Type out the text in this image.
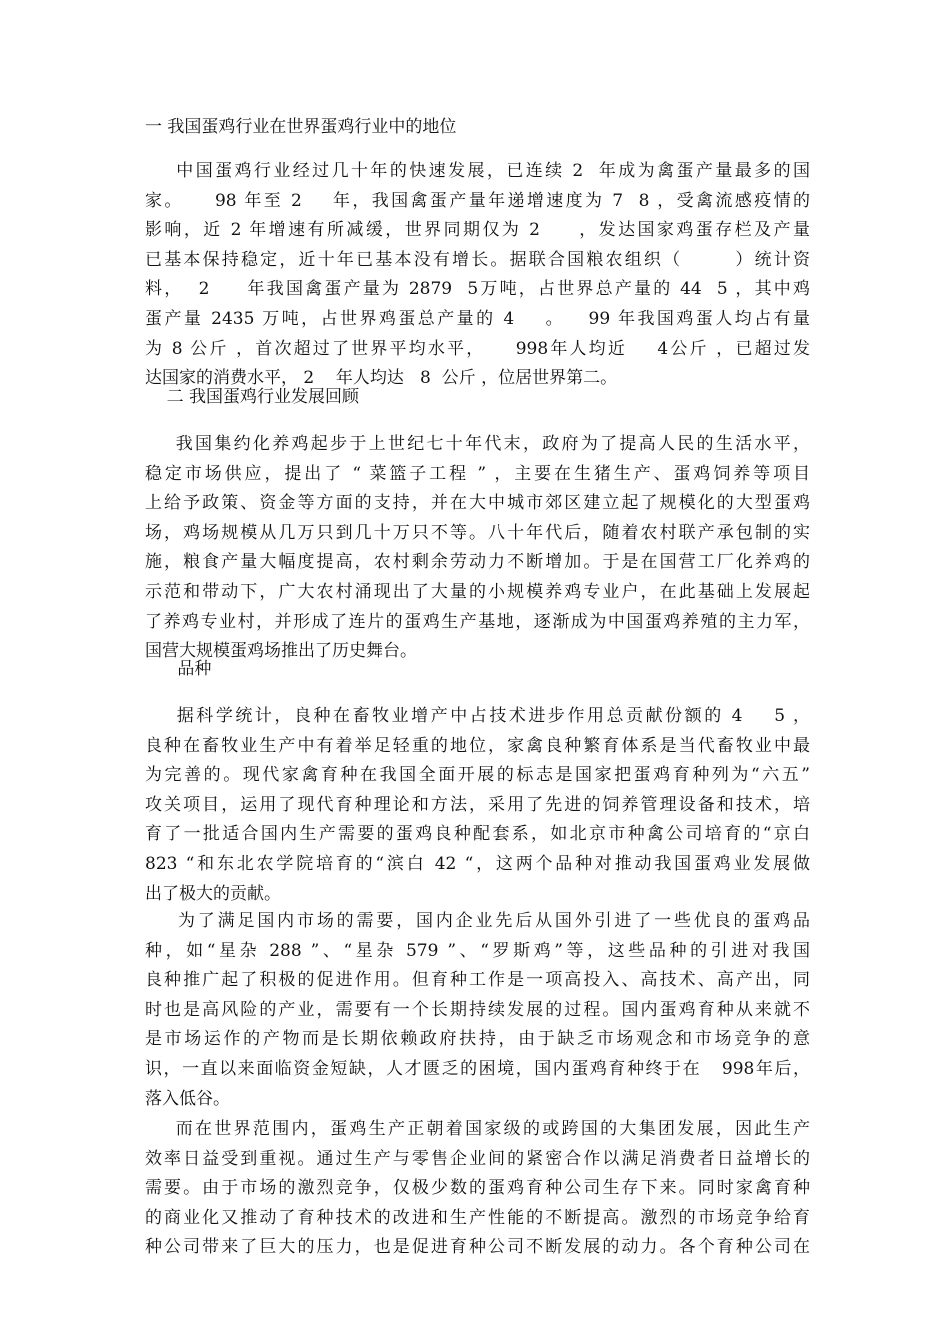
一 我国蛋鸡行业在世界蛋鸡行业中的地位
中国蛋鸡行业经过几十年的快速发展，已连续 2  年成为禽蛋产量最多的国
家。    98 年至 2    年，我国禽蛋产量年递增速度为 7  8 ，受禽流感疫情的
影响，近 2 年增速有所减缓，世界同期仅为 2     ，发达国家鸡蛋存栏及产量
已基本保持稳定，近十年已基本没有增长。据联合国粮农组织（       ）统计资
料，  2     年我国禽蛋产量为 2879  5万吨，占世界总产量的 44  5 ，其中鸡
蛋产量 2435 万吨，占世界鸡蛋总产量的 4    。   99 年我国鸡蛋人均占有量
为 8 公斤 ，首次超过了世界平均水平，    998年人均近    4公斤 ，已超过发
达国家的消费水平， 2    年人均达   8  公斤 ，位居世界第二。
二 我国蛋鸡行业发展回顾
我国集约化养鸡起步于上世纪七十年代末，政府为了提高人民的生活水平，
稳定市场供应，提出了 “ 菜篮子工程 ” ，主要在生猪生产、蛋鸡饲养等项目
上给予政策、资金等方面的支持，并在大中城市郊区建立起了规模化的大型蛋鸡
场，鸡场规模从几万只到几十万只不等。八十年代后，随着农村联产承包制的实
施，粮食产量大幅度提高，农村剩余劳动力不断增加。于是在国营工厂化养鸡的
示范和带动下，广大农村涌现出了大量的小规模养鸡专业户，在此基础上发展起
了养鸡专业村，并形成了连片的蛋鸡生产基地，逐渐成为中国蛋鸡养殖的主力军，
国营大规模蛋鸡场推出了历史舞台。
品种
据科学统计，良种在畜牧业增产中占技术进步作用总贡献份额的 4    5 ，
良种在畜牧业生产中有着举足轻重的地位，家禽良种繁育体系是当代畜牧业中最
为完善的。现代家禽育种在我国全面开展的标志是国家把蛋鸡育种列为“六五”
攻关项目，运用了现代育种理论和方法，采用了先进的饲养管理设备和技术，培
育了一批适合国内生产需要的蛋鸡良种配套系，如北京市种禽公司培育的“京白
823 “和东北农学院培育的“滨白 42 “，这两个品种对推动我国蛋鸡业发展做
出了极大的贡献。
为了满足国内市场的需要，国内企业先后从国外引进了一些优良的蛋鸡品
种，如“星杂 288 ”、“星杂 579 ”、“罗斯鸡”等，这些品种的引进对我国
良种推广起了积极的促进作用。但育种工作是一项高投入、高技术、高产出，同
时也是高风险的产业，需要有一个长期持续发展的过程。国内蛋鸡育种从来就不
是市场运作的产物而是长期依赖政府扶持，由于缺乏市场观念和市场竞争的意
识，一直以来面临资金短缺，人才匮乏的困境，国内蛋鸡育种终于在   998年后，
落入低谷。
而在世界范围内，蛋鸡生产正朝着国家级的或跨国的大集团发展，因此生产
效率日益受到重视。通过生产与零售企业间的紧密合作以满足消费者日益增长的
需要。由于市场的激烈竞争，仅极少数的蛋鸡育种公司生存下来。同时家禽育种
的商业化又推动了育种技术的改进和生产性能的不断提高。激烈的市场竞争给育
种公司带来了巨大的压力，也是促进育种公司不断发展的动力。各个育种公司在
